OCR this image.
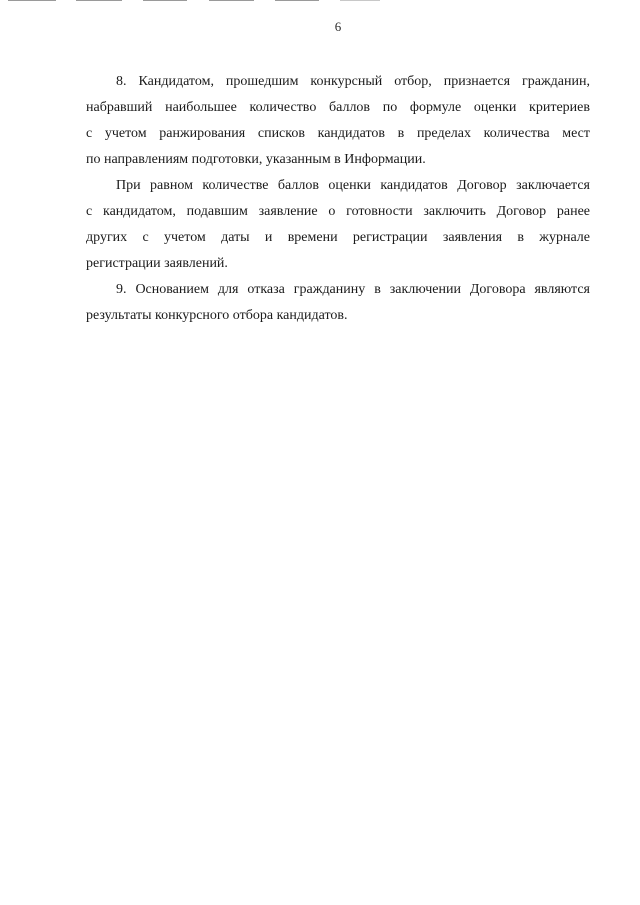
6

8. Кандидатом, прошедшим конкурсный отбор, признается гражданин,
набравший наибольшее количество баллов по формуле оценки критериев
с учетом ранжирования списков кандидатов в пределах количества мест
по направлениям подготовки, указанным в Информации.

При равном количестве баллов оценки кандидатов Договор заключается
с кандидатом, подавшим заявление о готовности заключить Договор ранее
других с учетом даты и времени регистрации заявления в журнале
регистрации заявлений.

9. Основанием для отказа гражданину в заключении Договора являются
результаты конкурсного отбора кандидатов.
